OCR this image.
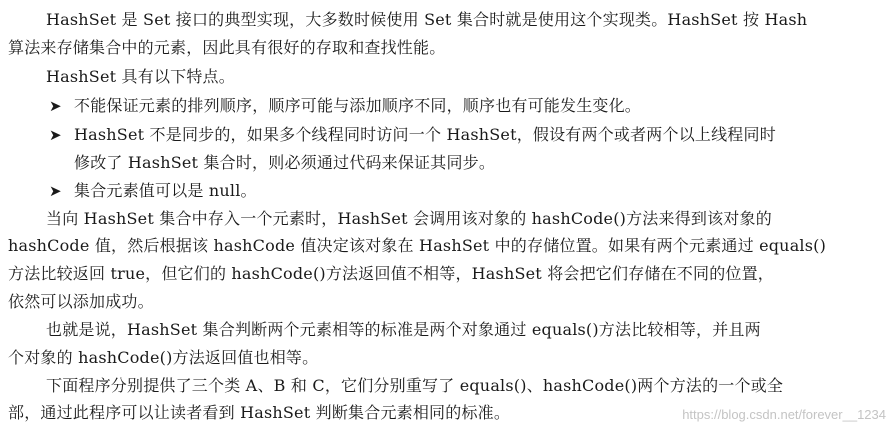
HashSet 是 Set 接口的典型实现，大多数时候使用 Set 集合时就是使用这个实现类。HashSet 按 Hash
算法来存储集合中的元素，因此具有很好的存取和查找性能。
HashSet 具有以下特点。
➤ 不能保证元素的排列顺序，顺序可能与添加顺序不同，顺序也有可能发生变化。
➤ HashSet 不是同步的，如果多个线程同时访问一个 HashSet，假设有两个或者两个以上线程同时
修改了 HashSet 集合时，则必须通过代码来保证其同步。
➤ 集合元素值可以是 null。
当向 HashSet 集合中存入一个元素时，HashSet 会调用该对象的 hashCode()方法来得到该对象的
hashCode 值，然后根据该 hashCode 值决定该对象在 HashSet 中的存储位置。如果有两个元素通过 equals()
方法比较返回 true，但它们的 hashCode()方法返回值不相等，HashSet 将会把它们存储在不同的位置，
依然可以添加成功。
也就是说，HashSet 集合判断两个元素相等的标准是两个对象通过 equals()方法比较相等，并且两
个对象的 hashCode()方法返回值也相等。
下面程序分别提供了三个类 A、B 和 C，它们分别重写了 equals()、hashCode()两个方法的一个或全
部，通过此程序可以让读者看到 HashSet 判断集合元素相同的标准。	https://blog.csdn.net/forever__1234
